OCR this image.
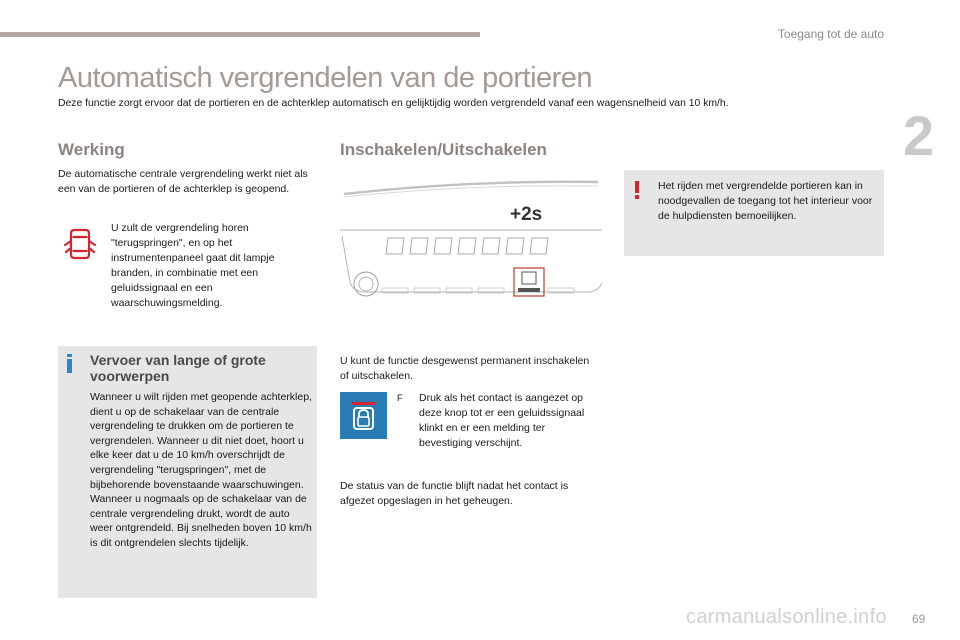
Toegang tot de auto
2
Automatisch vergrendelen van de portieren

Deze functie zorgt ervoor dat de portieren en de achterklep automatisch en gelijktijdig worden vergrendeld vanaf een wagensnelheid van 10 km/h.

Werking

De automatische centrale vergrendeling werkt niet als een van de portieren of de achterklep is geopend.

U zult de vergrendeling horen "terugspringen", en op het instrumentenpaneel gaat dit lampje branden, in combinatie met een geluidssignaal en een waarschuwingsmelding.

Vervoer van lange of grote voorwerpen
Wanneer u wilt rijden met geopende achterklep, dient u op de schakelaar van de centrale vergrendeling te drukken om de portieren te vergrendelen. Wanneer u dit niet doet, hoort u elke keer dat u de 10 km/h overschrijdt de vergrendeling "terugspringen", met de bijbehorende bovenstaande waarschuwingen. Wanneer u nogmaals op de schakelaar van de centrale vergrendeling drukt, wordt de auto weer ontgrendeld. Bij snelheden boven 10 km/h is dit ontgrendelen slechts tijdelijk.
Inschakelen/Uitschakelen
+2s

U kunt de functie desgewenst permanent inschakelen of uitschakelen.

F Druk als het contact is aangezet op deze knop tot er een geluidssignaal klinkt en er een melding ter bevestiging verschijnt.

De status van de functie blijft nadat het contact is afgezet opgeslagen in het geheugen.

Het rijden met vergrendelde portieren kan in noodgevallen de toegang tot het interieur voor de hulpdiensten bemoeilijken.
carmanualsonline.info 69
